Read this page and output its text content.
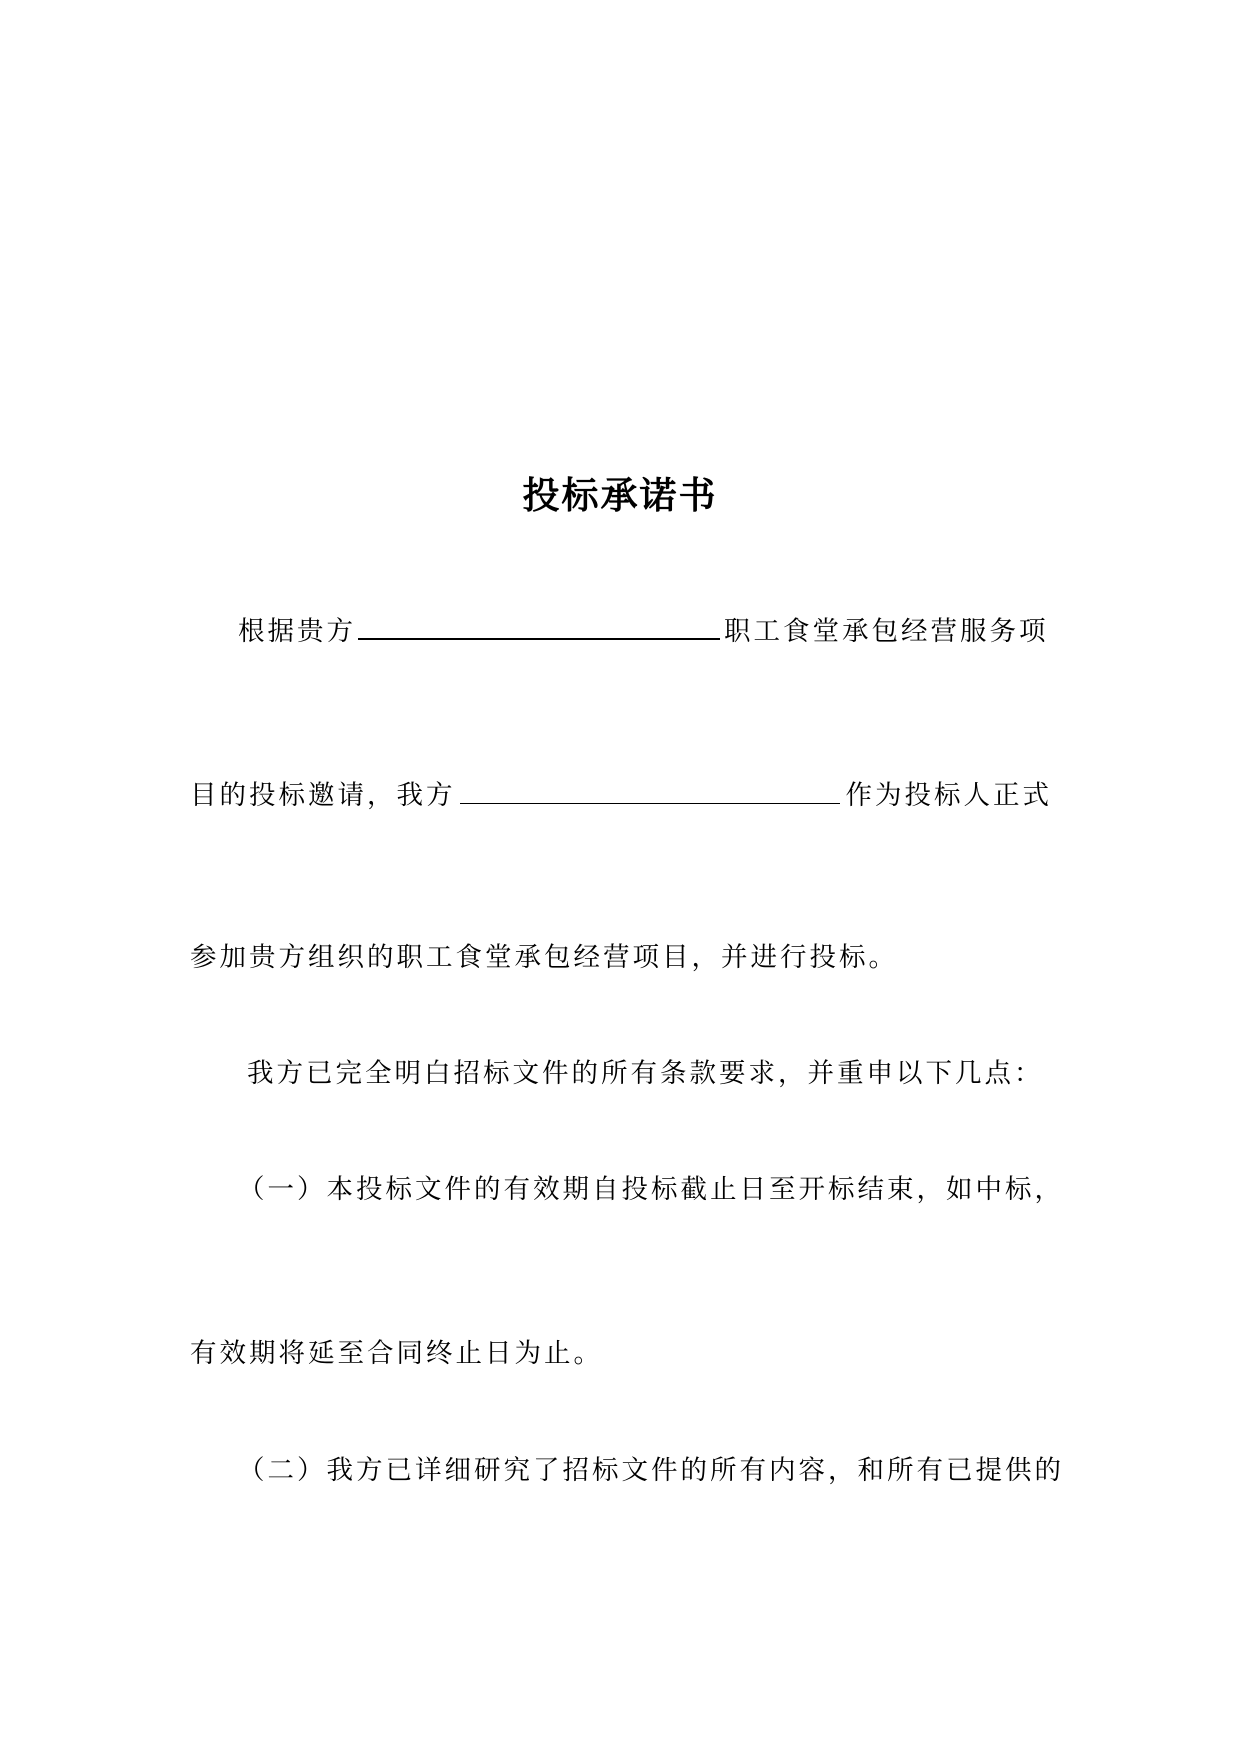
投标承诺书
根据贵方	职工食堂承包经营服务项
目的投标邀请，我方	作为投标人正式
参加贵方组织的职工食堂承包经营项目，并进行投标。
我方已完全明白招标文件的所有条款要求，并重申以下几点：
（一）本投标文件的有效期自投标截止日至开标结束，如中标，
有效期将延至合同终止日为止。
（二）我方已详细研究了招标文件的所有内容，和所有已提供的
